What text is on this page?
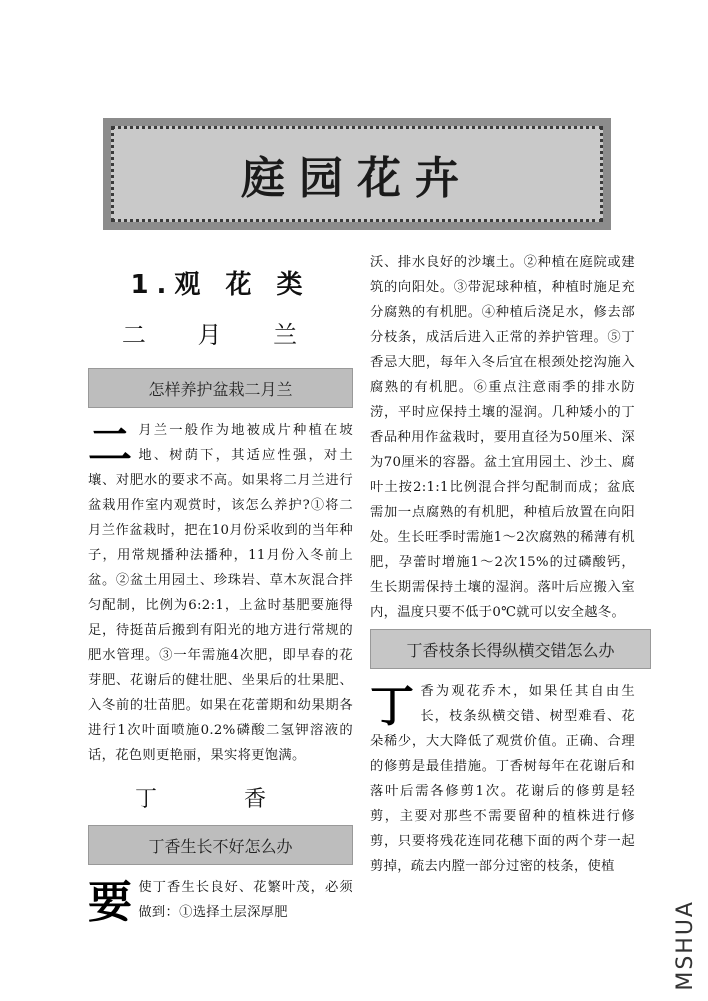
庭园花卉
1.观 花 类
二 月 兰
怎样养护盆栽二月兰

二 月兰一般作为地被成片种植在坡地、树荫下，其适应性强，对土壤、对肥水的要求不高。如果将二月兰进行盆栽用作室内观赏时，该怎么养护?①将二月兰作盆栽时，把在10月份采收到的当年种子，用常规播种法播种，11月份入冬前上盆。②盆土用园土、珍珠岩、草木灰混合拌匀配制，比例为6:2:1，上盆时基肥要施得足，待挺苗后搬到有阳光的地方进行常规的肥水管理。③一年需施4次肥，即早春的花芽肥、花谢后的健壮肥、坐果后的壮果肥、入冬前的壮苗肥。如果在花蕾期和幼果期各进行1次叶面喷施0.2%磷酸二氢钾溶液的话，花色则更艳丽，果实将更饱满。

丁 香
丁香生长不好怎么办

要 使丁香生长良好、花繁叶茂，必须做到：①选择土层深厚肥

沃、排水良好的沙壤土。②种植在庭院或建筑的向阳处。③带泥球种植，种植时施足充分腐熟的有机肥。④种植后浇足水，修去部分枝条，成活后进入正常的养护管理。⑤丁香忌大肥，每年入冬后宜在根颈处挖沟施入腐熟的有机肥。⑥重点注意雨季的排水防涝，平时应保持土壤的湿润。几种矮小的丁香品种用作盆栽时，要用直径为50厘米、深为70厘米的容器。盆土宜用园土、沙土、腐叶土按2:1:1比例混合拌匀配制而成；盆底需加一点腐熟的有机肥，种植后放置在向阳处。生长旺季时需施1～2次腐熟的稀薄有机肥，孕蕾时增施1～2次15%的过磷酸钙，生长期需保持土壤的湿润。落叶后应搬入室内，温度只要不低于0℃就可以安全越冬。

丁香枝条长得纵横交错怎么办

丁 香为观花乔木，如果任其自由生长，枝条纵横交错、树型难看、花朵稀少，大大降低了观赏价值。正确、合理的修剪是最佳措施。丁香树每年在花谢后和落叶后需各修剪1次。花谢后的修剪是轻剪，主要对那些不需要留种的植株进行修剪，只要将残花连同花穗下面的两个芽一起剪掉，疏去内膛一部分过密的枝条，使植

MSHUA
